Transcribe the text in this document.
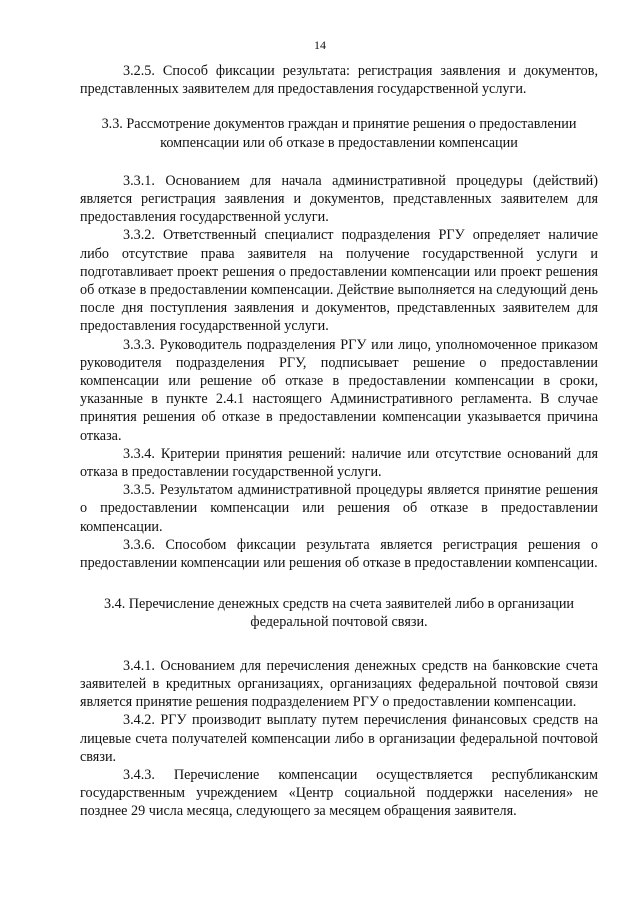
14

3.2.5. Способ фиксации результата: регистрация заявления и документов, представленных заявителем для предоставления государственной услуги.

3.3. Рассмотрение документов граждан и принятие решения о предоставлении компенсации или об отказе в предоставлении компенсации

3.3.1. Основанием для начала административной процедуры (действий) является регистрация заявления и документов, представленных заявителем для предоставления государственной услуги.

3.3.2. Ответственный специалист подразделения РГУ определяет наличие либо отсутствие права заявителя на получение государственной услуги и подготавливает проект решения о предоставлении компенсации или проект решения об отказе в предоставлении компенсации. Действие выполняется на следующий день после дня поступления заявления и документов, представленных заявителем для предоставления государственной услуги.

3.3.3. Руководитель подразделения РГУ или лицо, уполномоченное приказом руководителя подразделения РГУ, подписывает решение о предоставлении компенсации или решение об отказе в предоставлении компенсации в сроки, указанные в пункте 2.4.1 настоящего Административного регламента. В случае принятия решения об отказе в предоставлении компенсации указывается причина отказа.

3.3.4. Критерии принятия решений: наличие или отсутствие оснований для отказа в предоставлении государственной услуги.

3.3.5. Результатом административной процедуры является принятие решения о предоставлении компенсации или решения об отказе в предоставлении компенсации.

3.3.6. Способом фиксации результата является регистрация решения о предоставлении компенсации или решения об отказе в предоставлении компенсации.

3.4. Перечисление денежных средств на счета заявителей либо в организации федеральной почтовой связи.

3.4.1. Основанием для перечисления денежных средств на банковские счета заявителей в кредитных организациях, организациях федеральной почтовой связи является принятие решения подразделением РГУ о предоставлении компенсации.

3.4.2. РГУ производит выплату путем перечисления финансовых средств на лицевые счета получателей компенсации либо в организации федеральной почтовой связи.

3.4.3. Перечисление компенсации осуществляется республиканским государственным учреждением «Центр социальной поддержки населения» не позднее 29 числа месяца, следующего за месяцем обращения заявителя.
